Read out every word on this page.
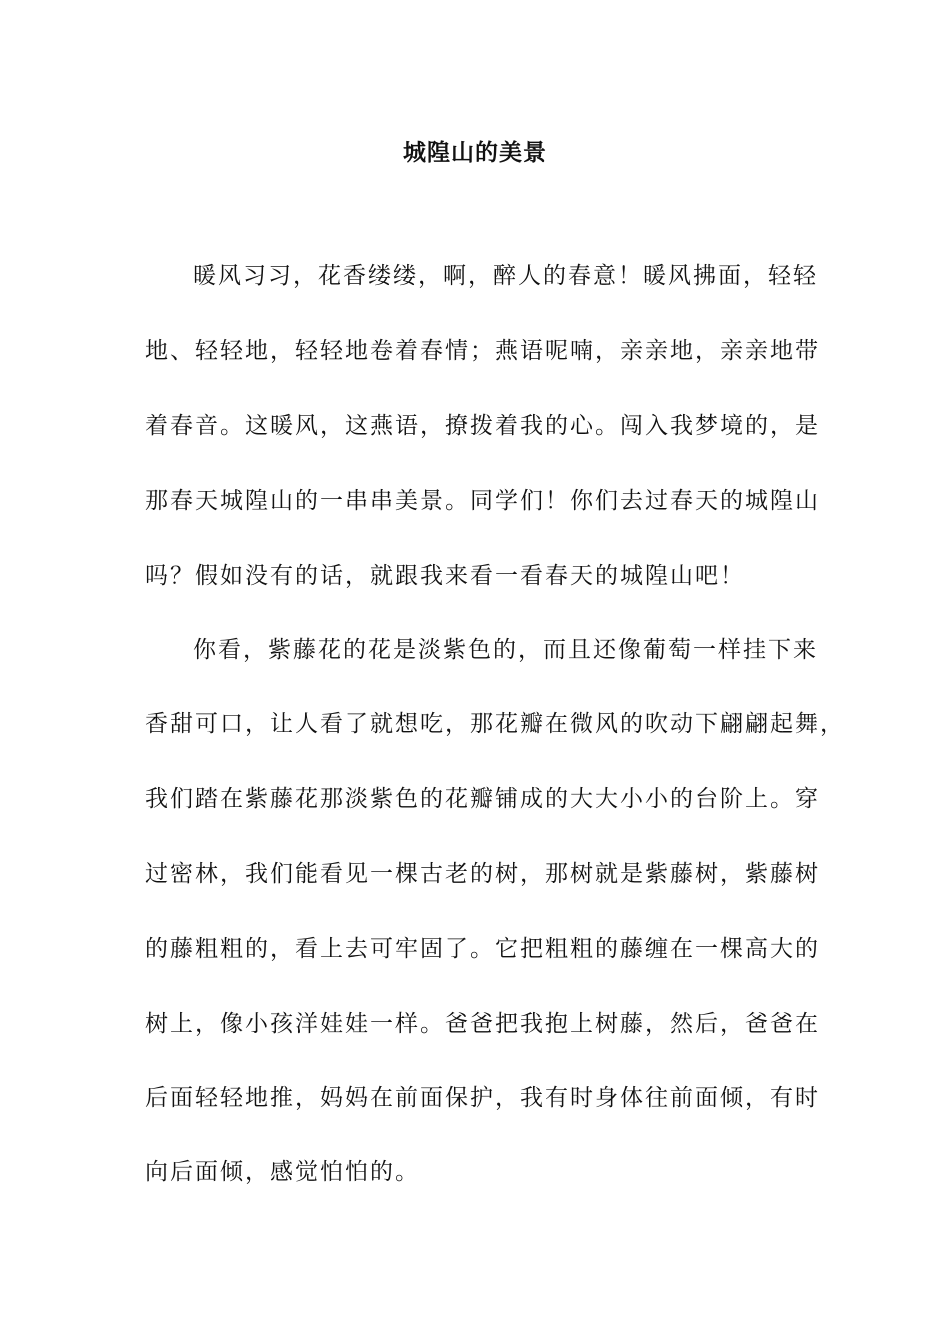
城隍山的美景
暖风习习，花香缕缕，啊，醉人的春意！暖风拂面，轻轻
地、轻轻地，轻轻地卷着春情；燕语呢喃，亲亲地，亲亲地带
着春音。这暖风，这燕语，撩拨着我的心。闯入我梦境的，是
那春天城隍山的一串串美景。同学们！你们去过春天的城隍山
吗？假如没有的话，就跟我来看一看春天的城隍山吧！
你看，紫藤花的花是淡紫色的，而且还像葡萄一样挂下来
香甜可口，让人看了就想吃，那花瓣在微风的吹动下翩翩起舞，
我们踏在紫藤花那淡紫色的花瓣铺成的大大小小的台阶上。穿
过密林，我们能看见一棵古老的树，那树就是紫藤树，紫藤树
的藤粗粗的，看上去可牢固了。它把粗粗的藤缠在一棵高大的
树上，像小孩洋娃娃一样。爸爸把我抱上树藤，然后，爸爸在
后面轻轻地推，妈妈在前面保护，我有时身体往前面倾，有时
向后面倾，感觉怕怕的。
